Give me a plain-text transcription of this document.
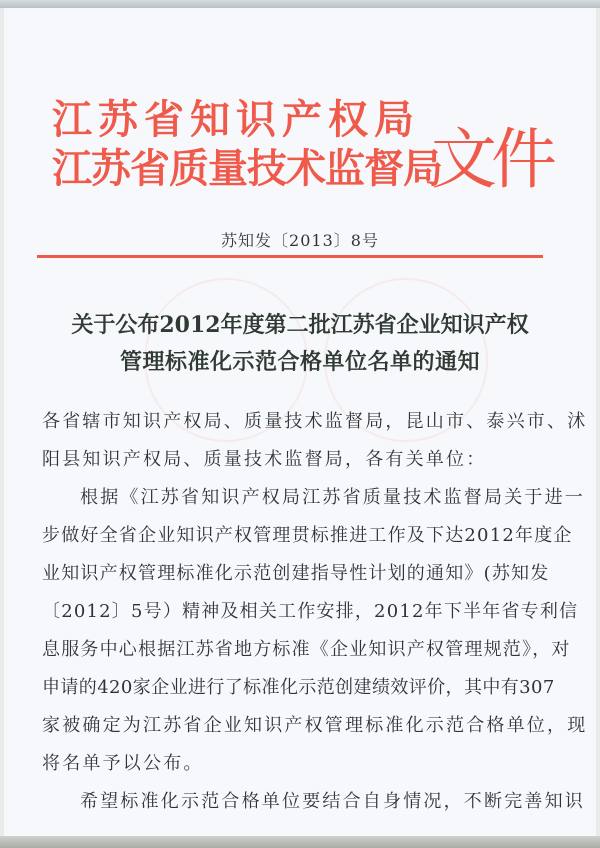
江苏省知识产权局
江苏省质量技术监督局
文件
苏知发〔2013〕8号
关于公布2012年度第二批江苏省企业知识产权
管理标准化示范合格单位名单的通知
各省辖市知识产权局、质量技术监督局，昆山市、泰兴市、沭
阳县知识产权局、质量技术监督局，各有关单位：
根据《江苏省知识产权局江苏省质量技术监督局关于进一
步做好全省企业知识产权管理贯标推进工作及下达2012年度企
业知识产权管理标准化示范创建指导性计划的通知》(苏知发
〔2012〕5号）精神及相关工作安排，2012年下半年省专利信
息服务中心根据江苏省地方标准《企业知识产权管理规范》，对
申请的420家企业进行了标准化示范创建绩效评价，其中有307
家被确定为江苏省企业知识产权管理标准化示范合格单位，现
将名单予以公布。
希望标准化示范合格单位要结合自身情况，不断完善知识
